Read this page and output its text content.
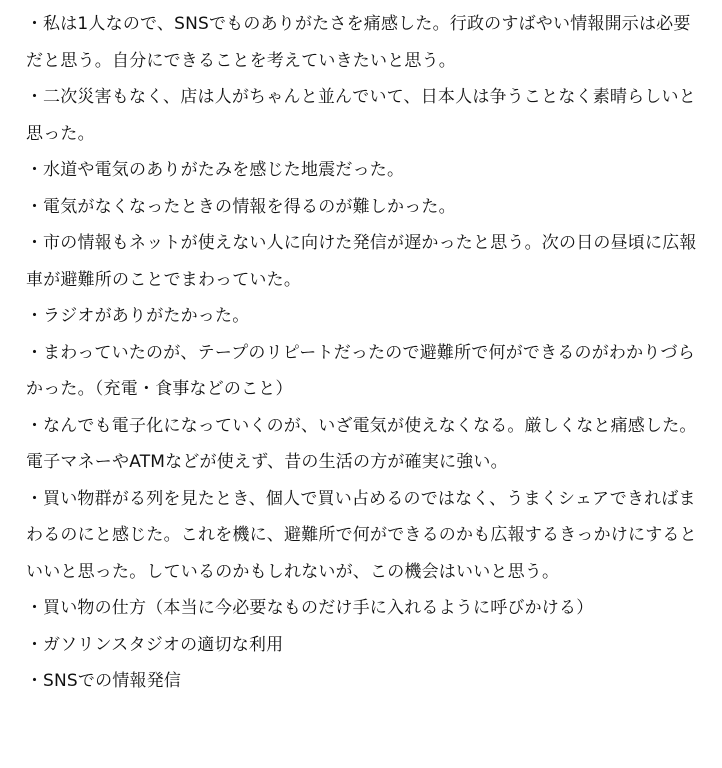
・私は1人なので、SNSでものありがたさを痛感した。行政のすばやい情報開示は必要だと思う。自分にできることを考えていきたいと思う。

・二次災害もなく、店は人がちゃんと並んでいて、日本人は争うことなく素晴らしいと思った。

・水道や電気のありがたみを感じた地震だった。

・電気がなくなったときの情報を得るのが難しかった。

・市の情報もネットが使えない人に向けた発信が遅かったと思う。次の日の昼頃に広報車が避難所のことでまわっていた。

・ラジオがありがたかった。

・まわっていたのが、テープのリピートだったので避難所で何ができるのがわかりづらかった。（充電・食事などのこと）

・なんでも電子化になっていくのが、いざ電気が使えなくなる。厳しくなと痛感した。電子マネーやATMなどが使えず、昔の生活の方が確実に強い。

・買い物群がる列を見たとき、個人で買い占めるのではなく、うまくシェアできればまわるのにと感じた。これを機に、避難所で何ができるのかも広報するきっかけにするといいと思った。しているのかもしれないが、この機会はいいと思う。

・買い物の仕方（本当に今必要なものだけ手に入れるように呼びかける）

・ガソリンスタジオの適切な利用

・SNSでの情報発信
